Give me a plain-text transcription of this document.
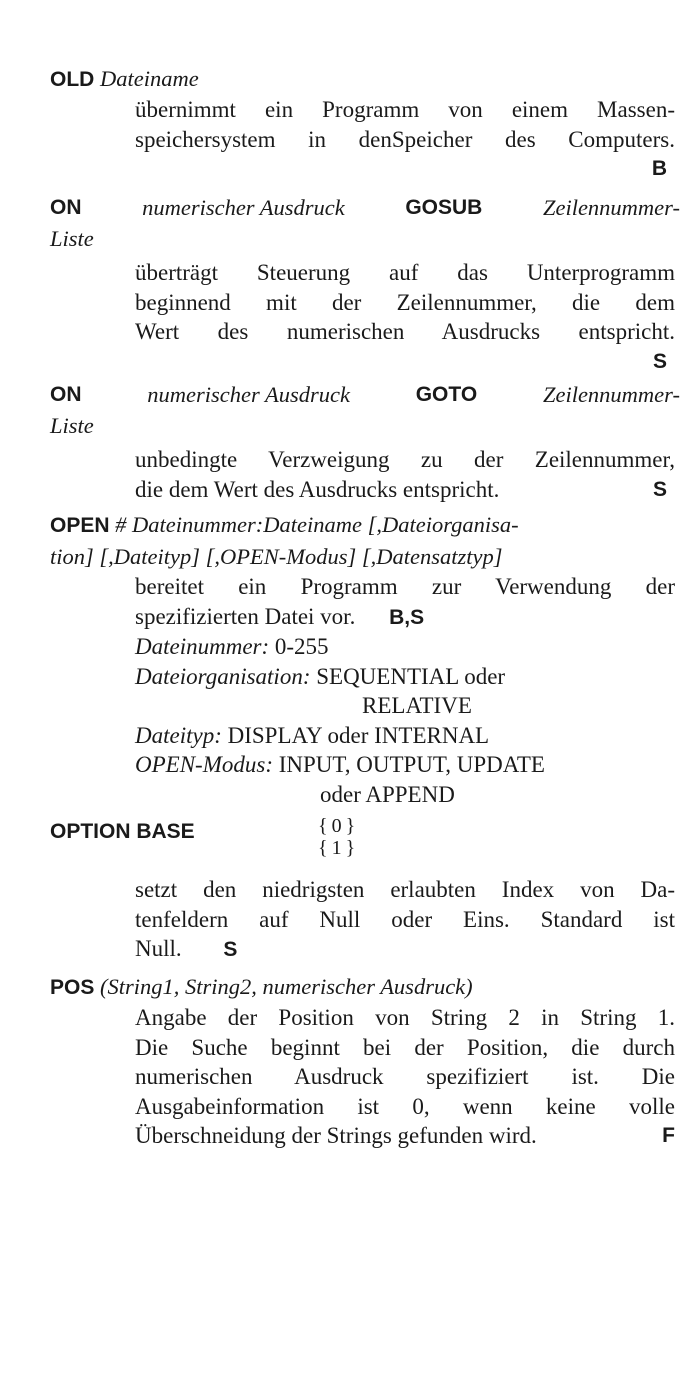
OLD Dateiname
übernimmt ein Programm von einem Massen-
speichersystem in denSpeicher des Computers.
B
ON	numerischer Ausdruck	GOSUB	Zeilennummer-
Liste
überträgt Steuerung auf das Unterprogramm
beginnend mit der Zeilennummer, die dem
Wert des numerischen Ausdrucks entspricht.
S
ON	numerischer Ausdruck	GOTO	Zeilennummer-
Liste
unbedingte Verzweigung zu der Zeilennummer,
die dem Wert des Ausdrucks entspricht.	S
OPEN # Dateinummer:Dateiname [,Dateiorganisa-
tion] [,Dateityp] [,OPEN-Modus] [,Datensatztyp]
bereitet ein Programm zur Verwendung der
spezifizierten Datei vor. B,S
Dateinummer: 0-255
Dateiorganisation: SEQUENTIAL oder
RELATIVE
Dateityp: DISPLAY oder INTERNAL
OPEN-Modus: INPUT, OUTPUT, UPDATE
oder APPEND
OPTION BASE	{ 0 }
{ 1 }
setzt den niedrigsten erlaubten Index von Da-
tenfeldern auf Null oder Eins. Standard ist
Null. S
POS (String1, String2, numerischer Ausdruck)
Angabe der Position von String 2 in String 1.
Die Suche beginnt bei der Position, die durch
numerischen Ausdruck spezifiziert ist. Die
Ausgabeinformation ist 0, wenn keine volle
Überschneidung der Strings gefunden wird.	F
